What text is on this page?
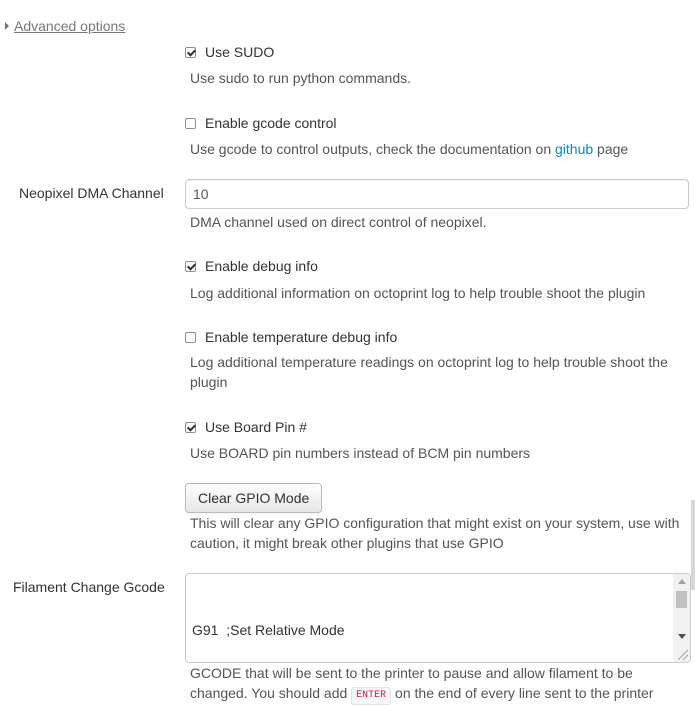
Advanced options
Use SUDO
Use sudo to run python commands.
Enable gcode control
Use gcode to control outputs, check the documentation on github page
Neopixel DMA Channel
10
DMA channel used on direct control of neopixel.
Enable debug info
Log additional information on octoprint log to help trouble shoot the plugin
Enable temperature debug info
Log additional temperature readings on octoprint log to help trouble shoot the
plugin
Use Board Pin #
Use BOARD pin numbers instead of BCM pin numbers
Clear GPIO Mode
This will clear any GPIO configuration that might exist on your system, use with
caution, it might break other plugins that use GPIO
Filament Change Gcode

G91  ;Set Relative Mode

GCODE that will be sent to the printer to pause and allow filament to be
changed. You should add ENTER on the end of every line sent to the printer
